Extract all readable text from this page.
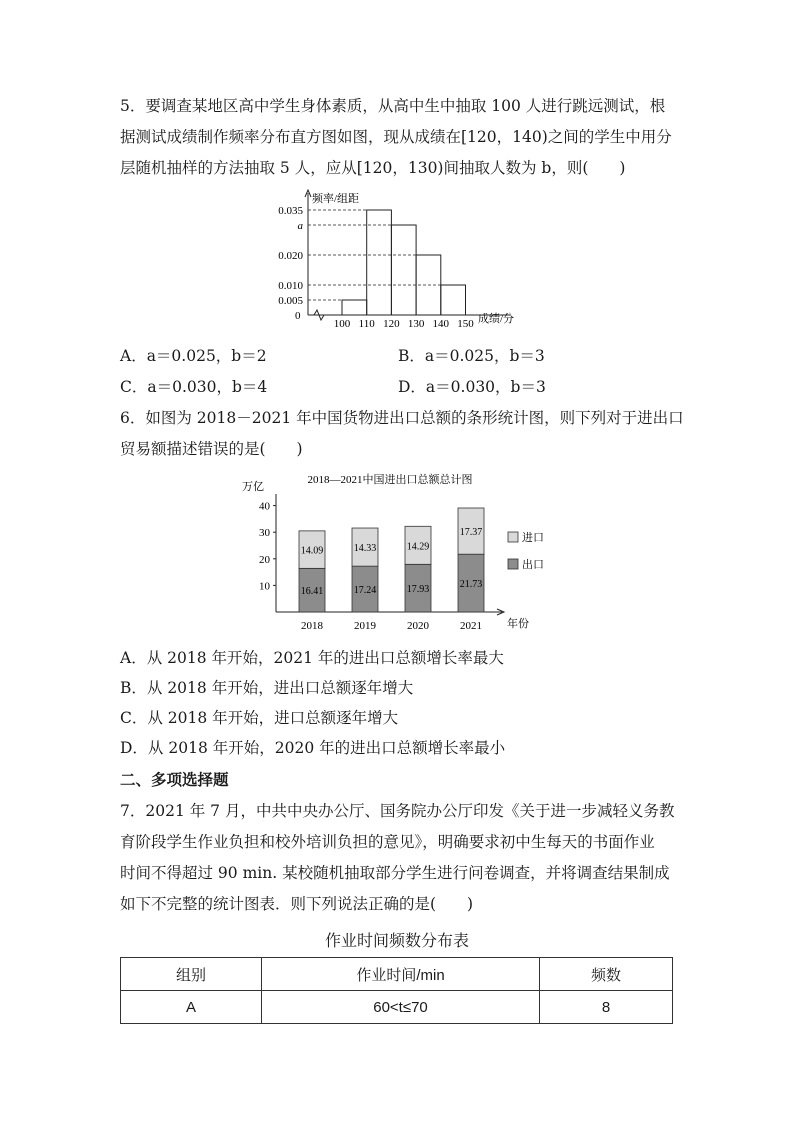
5．要调查某地区高中学生身体素质，从高中生中抽取 100 人进行跳远测试，根
据测试成绩制作频率分布直方图如图，现从成绩在[120，140)之间的学生中用分
层随机抽样的方法抽取 5 人，应从[120，130)间抽取人数为 b，则(　　)
频率/组距
成绩/分
0
0.005
0.010
0.020
a
0.035
100 110 120 130 140 150
A．a＝0.025，b＝2	B．a＝0.025，b＝3
C．a＝0.030，b＝4	D．a＝0.030，b＝3
6．如图为 2018－2021 年中国货物进出口总额的条形统计图，则下列对于进出口
贸易额描述错误的是(　　)
2018—2021中国进出口总额总计图
万亿
年份
10
20
30
40
16.41
14.09
2018
17.24
14.33
2019
17.93
14.29
2020
21.73
17.37
2021
进口
出口
A．从 2018 年开始，2021 年的进出口总额增长率最大
B．从 2018 年开始，进出口总额逐年增大
C．从 2018 年开始，进口总额逐年增大
D．从 2018 年开始，2020 年的进出口总额增长率最小
二、多项选择题
7．2021 年 7 月，中共中央办公厅、国务院办公厅印发《关于进一步减轻义务教
育阶段学生作业负担和校外培训负担的意见》，明确要求初中生每天的书面作业
时间不得超过 90 min. 某校随机抽取部分学生进行问卷调查，并将调查结果制成
如下不完整的统计图表．则下列说法正确的是(　　)
作业时间频数分布表
组别	作业时间/min	频数
A	60<t≤70	8
